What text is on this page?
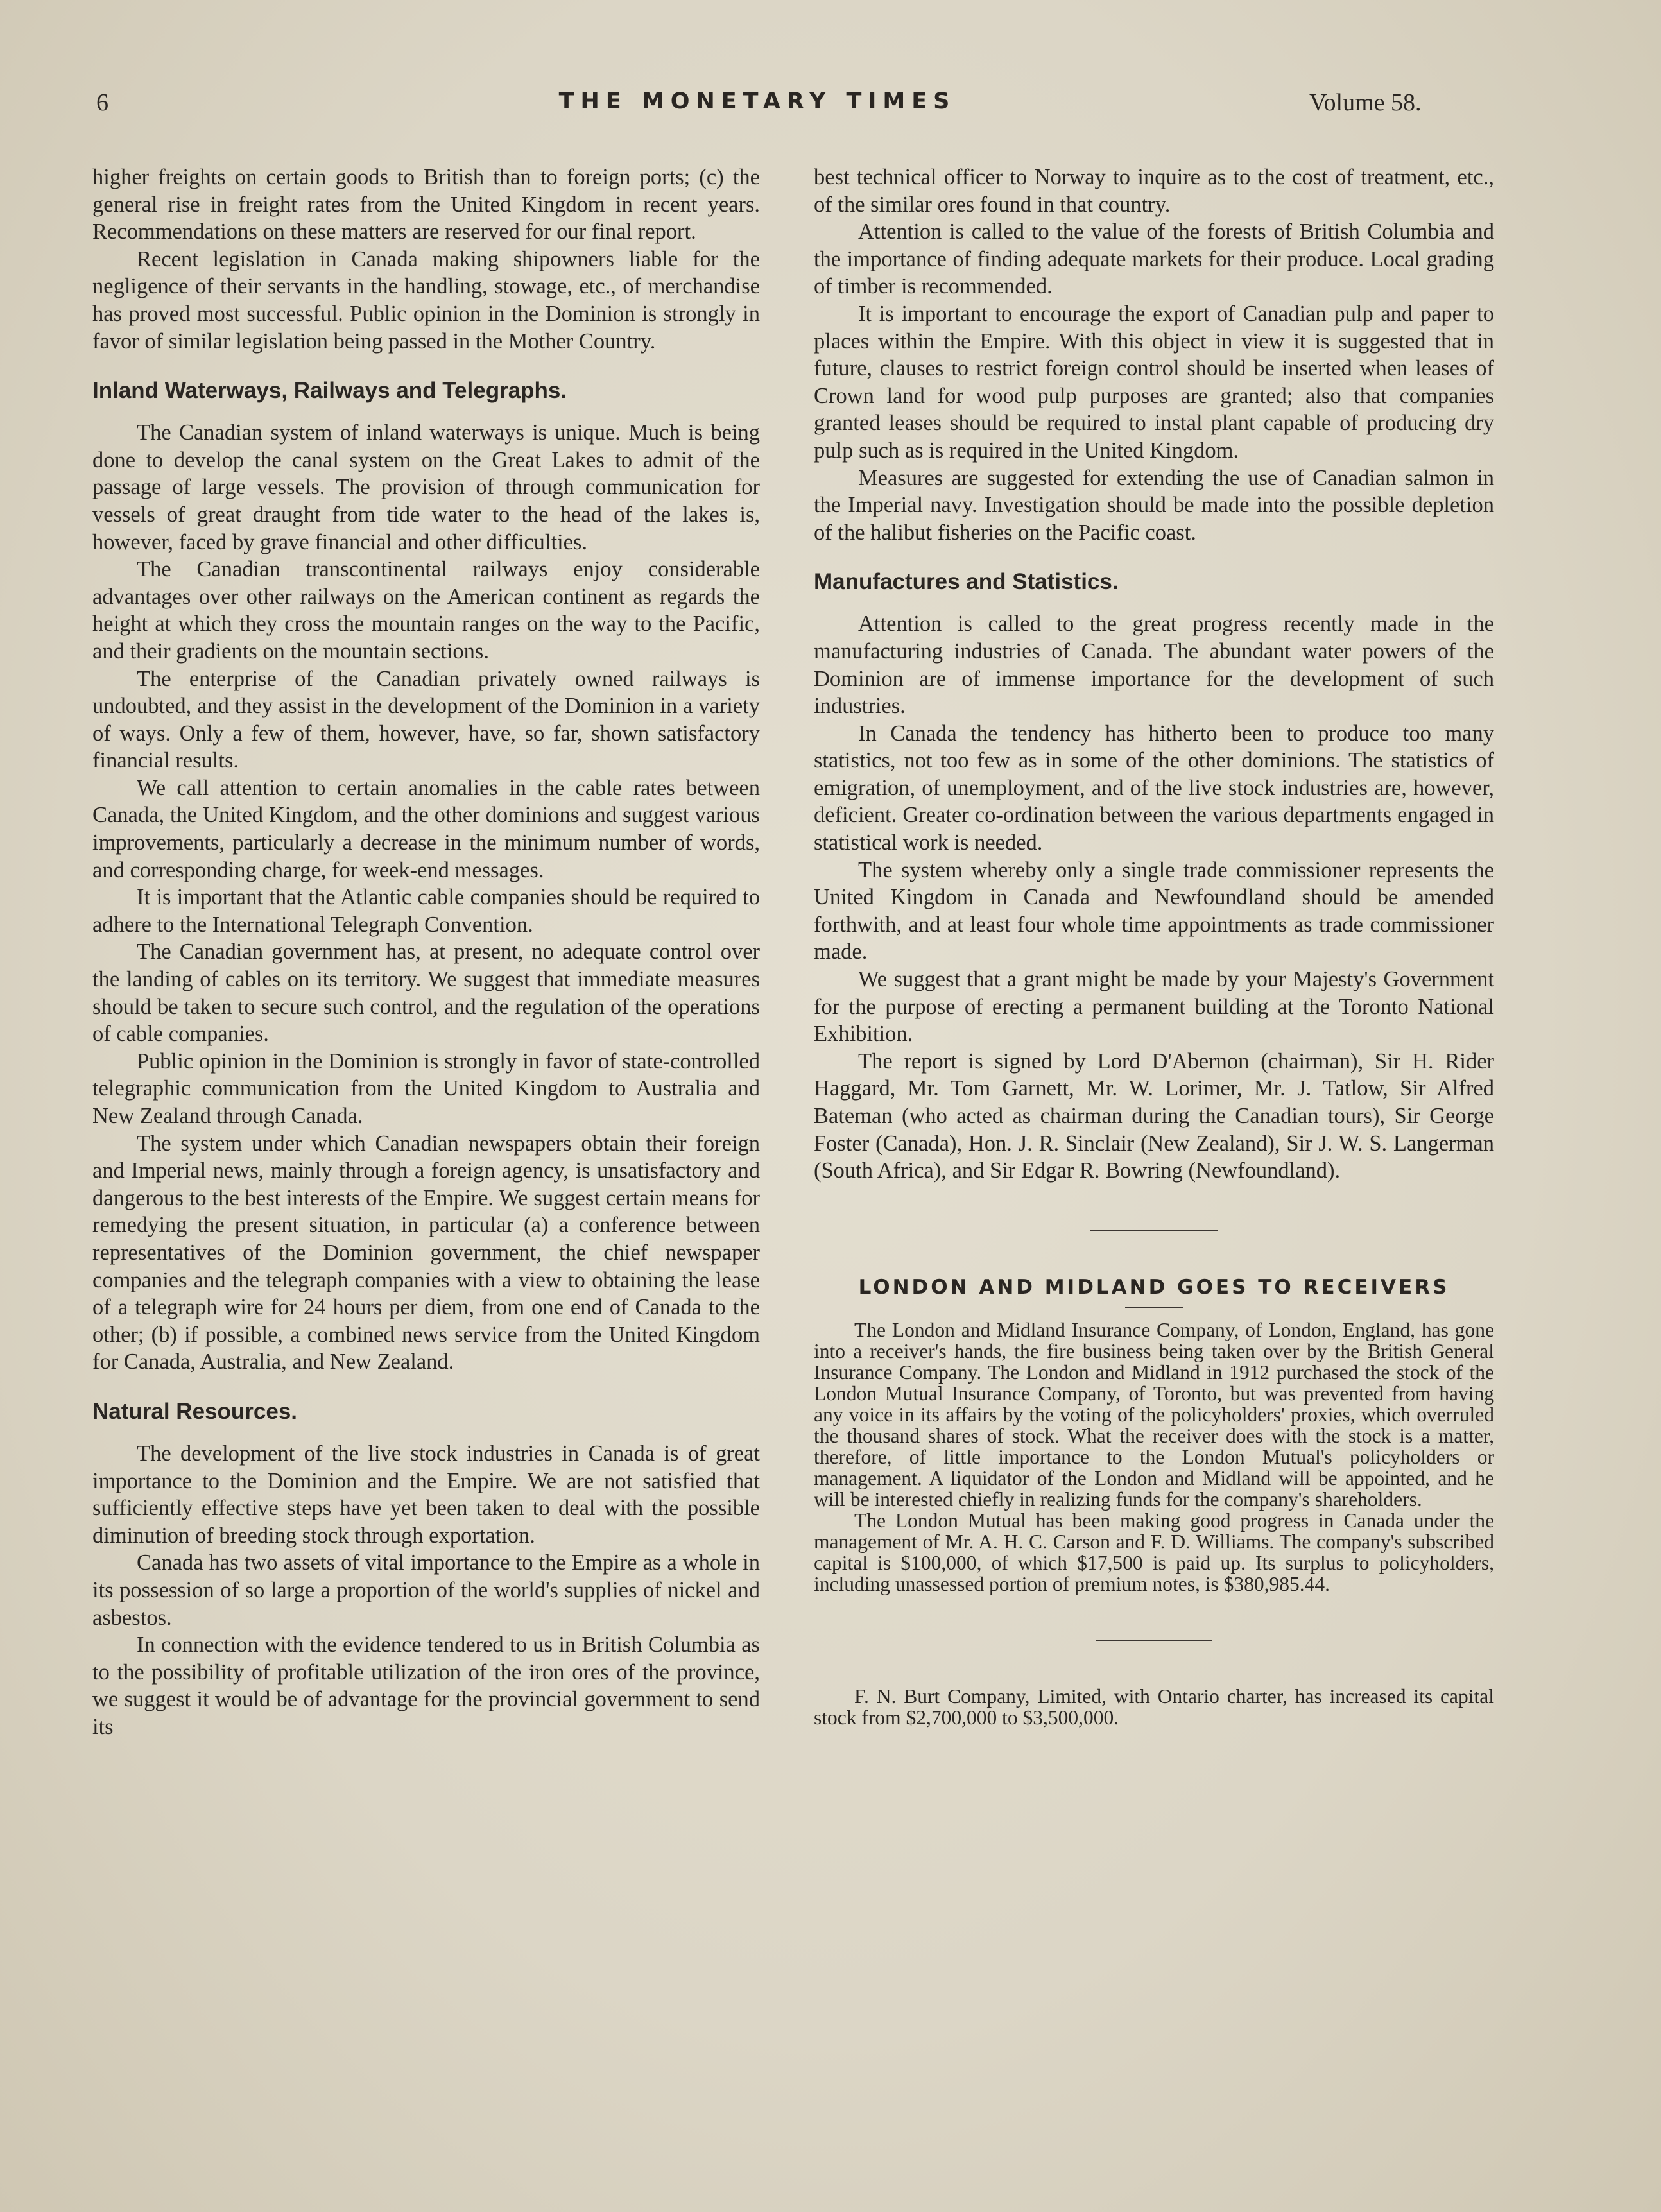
6	THE MONETARY TIMES	Volume 58.

higher freights on certain goods to British than to foreign ports; (c) the general rise in freight rates from the United Kingdom in recent years. Recommendations on these matters are reserved for our final report.

Recent legislation in Canada making shipowners liable for the negligence of their servants in the handling, stowage, etc., of merchandise has proved most successful. Public opinion in the Dominion is strongly in favor of similar legislation being passed in the Mother Country.

Inland Waterways, Railways and Telegraphs.

The Canadian system of inland waterways is unique. Much is being done to develop the canal system on the Great Lakes to admit of the passage of large vessels. The provision of through communication for vessels of great draught from tide water to the head of the lakes is, however, faced by grave financial and other difficulties.

The Canadian transcontinental railways enjoy considerable advantages over other railways on the American continent as regards the height at which they cross the mountain ranges on the way to the Pacific, and their gradients on the mountain sections.

The enterprise of the Canadian privately owned railways is undoubted, and they assist in the development of the Dominion in a variety of ways. Only a few of them, however, have, so far, shown satisfactory financial results.

We call attention to certain anomalies in the cable rates between Canada, the United Kingdom, and the other dominions and suggest various improvements, particularly a decrease in the minimum number of words, and corresponding charge, for week-end messages.

It is important that the Atlantic cable companies should be required to adhere to the International Telegraph Convention.

The Canadian government has, at present, no adequate control over the landing of cables on its territory. We suggest that immediate measures should be taken to secure such control, and the regulation of the operations of cable companies.

Public opinion in the Dominion is strongly in favor of state-controlled telegraphic communication from the United Kingdom to Australia and New Zealand through Canada.

The system under which Canadian newspapers obtain their foreign and Imperial news, mainly through a foreign agency, is unsatisfactory and dangerous to the best interests of the Empire. We suggest certain means for remedying the present situation, in particular (a) a conference between representatives of the Dominion government, the chief newspaper companies and the telegraph companies with a view to obtaining the lease of a telegraph wire for 24 hours per diem, from one end of Canada to the other; (b) if possible, a combined news service from the United Kingdom for Canada, Australia, and New Zealand.

Natural Resources.

The development of the live stock industries in Canada is of great importance to the Dominion and the Empire. We are not satisfied that sufficiently effective steps have yet been taken to deal with the possible diminution of breeding stock through exportation.

Canada has two assets of vital importance to the Empire as a whole in its possession of so large a proportion of the world's supplies of nickel and asbestos.

In connection with the evidence tendered to us in British Columbia as to the possibility of profitable utilization of the iron ores of the province, we suggest it would be of advantage for the provincial government to send its

best technical officer to Norway to inquire as to the cost of treatment, etc., of the similar ores found in that country.

Attention is called to the value of the forests of British Columbia and the importance of finding adequate markets for their produce. Local grading of timber is recommended.

It is important to encourage the export of Canadian pulp and paper to places within the Empire. With this object in view it is suggested that in future, clauses to restrict foreign control should be inserted when leases of Crown land for wood pulp purposes are granted; also that companies granted leases should be required to instal plant capable of producing dry pulp such as is required in the United Kingdom.

Measures are suggested for extending the use of Canadian salmon in the Imperial navy. Investigation should be made into the possible depletion of the halibut fisheries on the Pacific coast.

Manufactures and Statistics.

Attention is called to the great progress recently made in the manufacturing industries of Canada. The abundant water powers of the Dominion are of immense importance for the development of such industries.

In Canada the tendency has hitherto been to produce too many statistics, not too few as in some of the other dominions. The statistics of emigration, of unemployment, and of the live stock industries are, however, deficient. Greater co-ordination between the various departments engaged in statistical work is needed.

The system whereby only a single trade commissioner represents the United Kingdom in Canada and Newfoundland should be amended forthwith, and at least four whole time appointments as trade commissioner made.

We suggest that a grant might be made by your Majesty's Government for the purpose of erecting a permanent building at the Toronto National Exhibition.

The report is signed by Lord D'Abernon (chairman), Sir H. Rider Haggard, Mr. Tom Garnett, Mr. W. Lorimer, Mr. J. Tatlow, Sir Alfred Bateman (who acted as chairman during the Canadian tours), Sir George Foster (Canada), Hon. J. R. Sinclair (New Zealand), Sir J. W. S. Langerman (South Africa), and Sir Edgar R. Bowring (Newfoundland).

LONDON AND MIDLAND GOES TO RECEIVERS

The London and Midland Insurance Company, of London, England, has gone into a receiver's hands, the fire business being taken over by the British General Insurance Company. The London and Midland in 1912 purchased the stock of the London Mutual Insurance Company, of Toronto, but was prevented from having any voice in its affairs by the voting of the policyholders' proxies, which overruled the thousand shares of stock. What the receiver does with the stock is a matter, therefore, of little importance to the London Mutual's policyholders or management. A liquidator of the London and Midland will be appointed, and he will be interested chiefly in realizing funds for the company's shareholders.

The London Mutual has been making good progress in Canada under the management of Mr. A. H. C. Carson and F. D. Williams. The company's subscribed capital is $100,000, of which $17,500 is paid up. Its surplus to policyholders, including unassessed portion of premium notes, is $380,985.44.

F. N. Burt Company, Limited, with Ontario charter, has increased its capital stock from $2,700,000 to $3,500,000.
